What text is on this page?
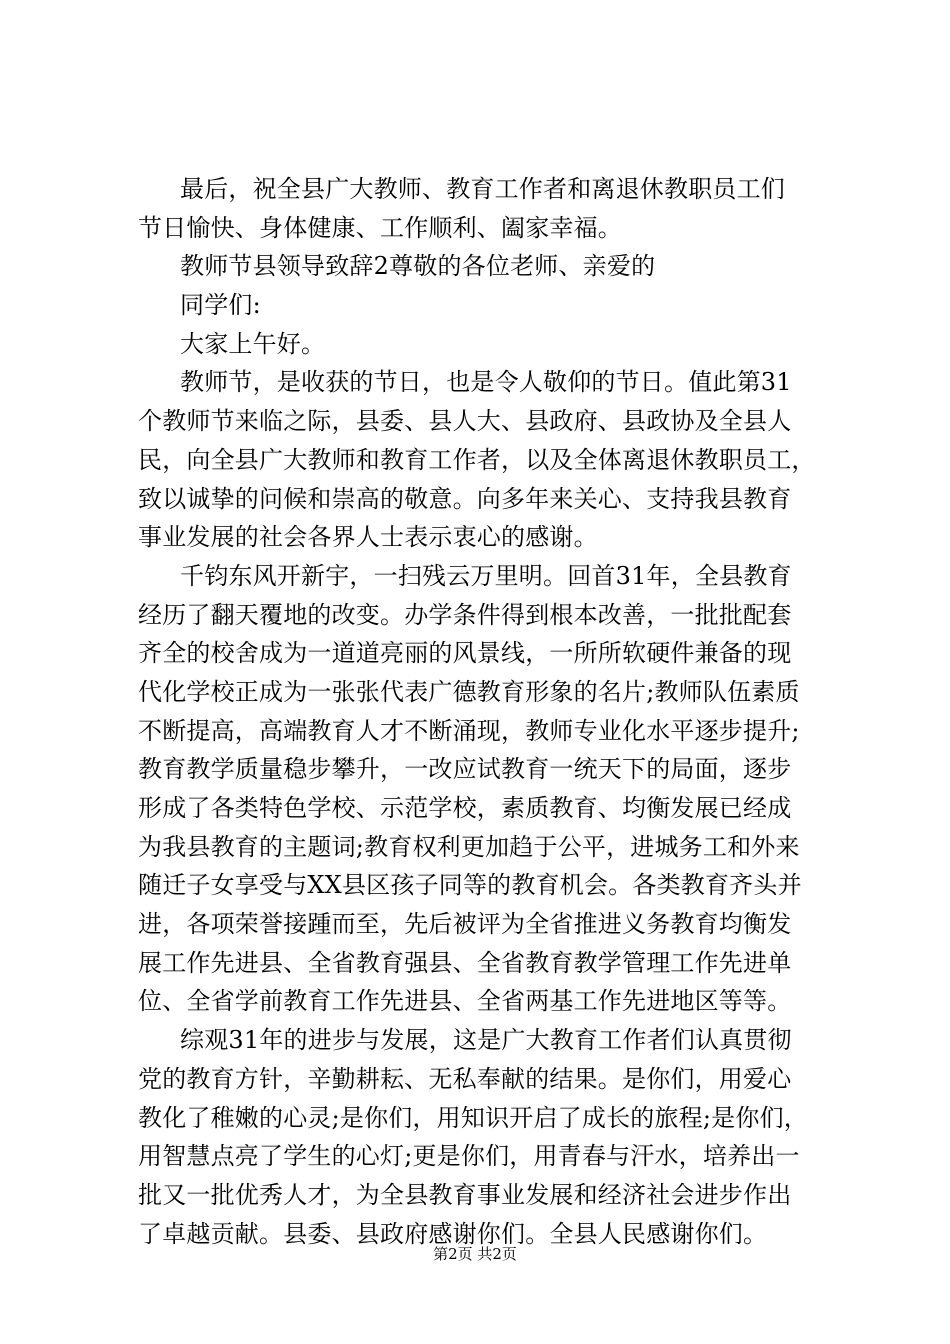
最后，祝全县广大教师、教育工作者和离退休教职员工们
节日愉快、身体健康、工作顺利、阖家幸福。
教师节县领导致辞2尊敬的各位老师、亲爱的
同学们:
大家上午好。
教师节，是收获的节日，也是令人敬仰的节日。值此第31
个教师节来临之际，县委、县人大、县政府、县政协及全县人
民，向全县广大教师和教育工作者，以及全体离退休教职员工，
致以诚挚的问候和崇高的敬意。向多年来关心、支持我县教育
事业发展的社会各界人士表示衷心的感谢。
千钧东风开新宇，一扫残云万里明。回首31年，全县教育
经历了翻天覆地的改变。办学条件得到根本改善，一批批配套
齐全的校舍成为一道道亮丽的风景线，一所所软硬件兼备的现
代化学校正成为一张张代表广德教育形象的名片;教师队伍素质
不断提高，高端教育人才不断涌现，教师专业化水平逐步提升;
教育教学质量稳步攀升，一改应试教育一统天下的局面，逐步
形成了各类特色学校、示范学校，素质教育、均衡发展已经成
为我县教育的主题词;教育权利更加趋于公平，进城务工和外来
随迁子女享受与XX县区孩子同等的教育机会。各类教育齐头并
进，各项荣誉接踵而至，先后被评为全省推进义务教育均衡发
展工作先进县、全省教育强县、全省教育教学管理工作先进单
位、全省学前教育工作先进县、全省两基工作先进地区等等。
综观31年的进步与发展，这是广大教育工作者们认真贯彻
党的教育方针，辛勤耕耘、无私奉献的结果。是你们，用爱心
教化了稚嫩的心灵;是你们，用知识开启了成长的旅程;是你们，
用智慧点亮了学生的心灯;更是你们，用青春与汗水，培养出一
批又一批优秀人才，为全县教育事业发展和经济社会进步作出
了卓越贡献。县委、县政府感谢你们。全县人民感谢你们。
第2页 共2页
